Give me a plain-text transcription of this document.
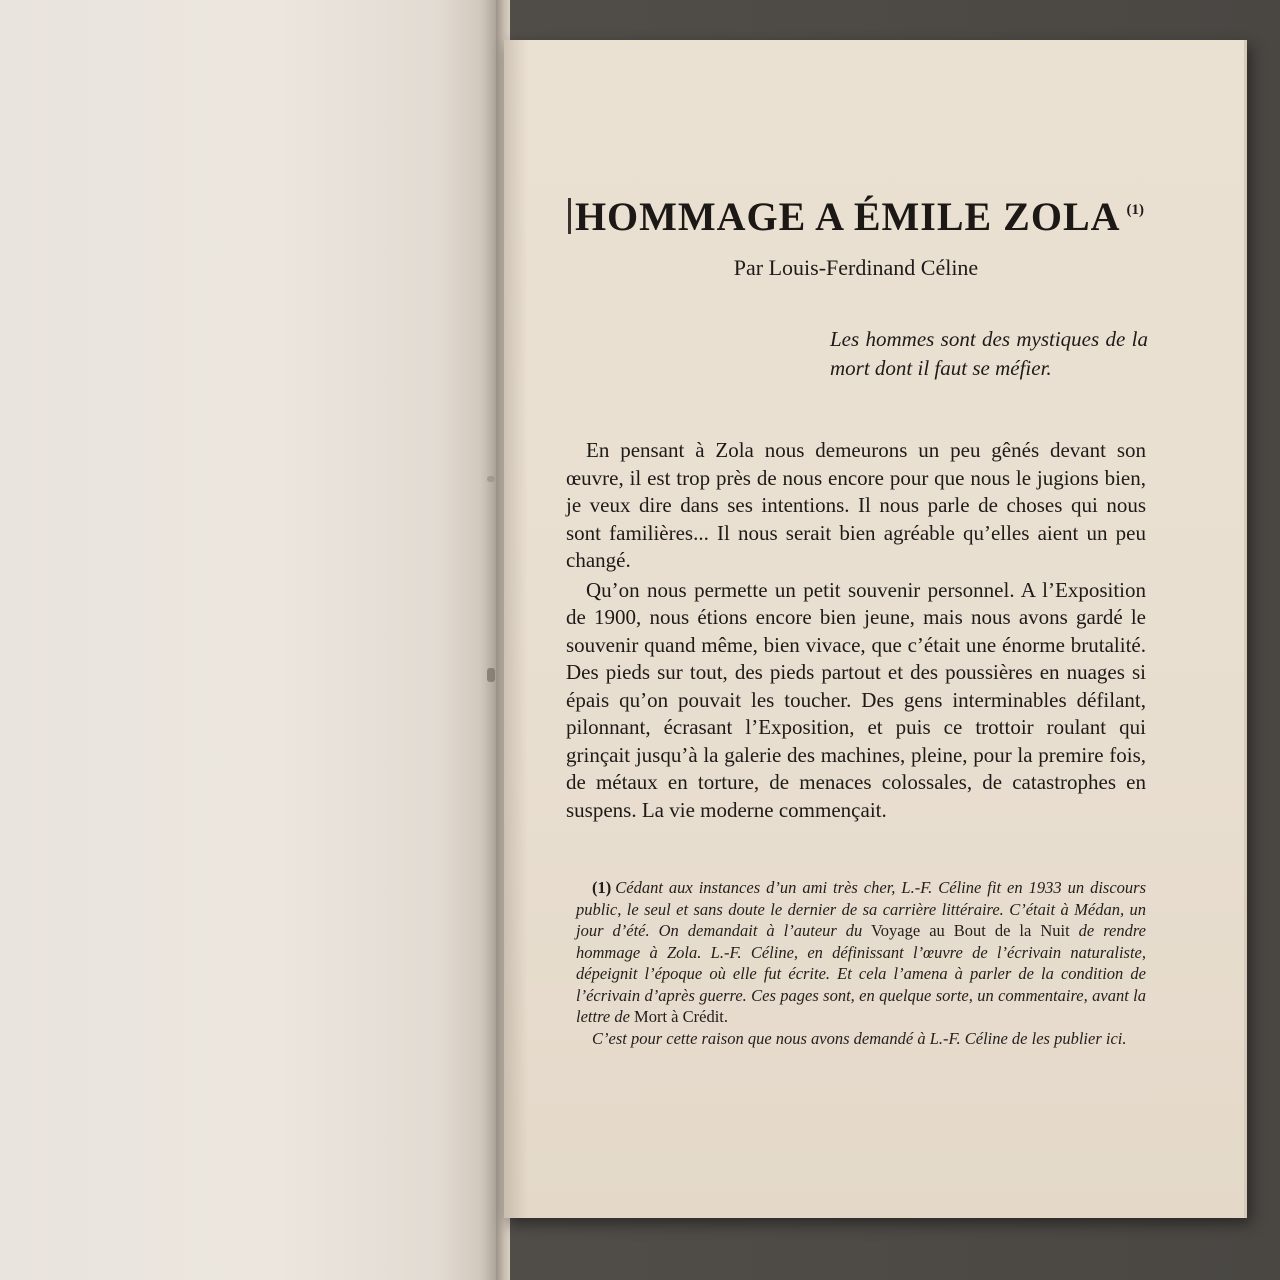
HOMMAGE A ÉMILE ZOLA (1)
Par Louis-Ferdinand Céline
Les hommes sont des mystiques de la mort dont il faut se méfier.

En pensant à Zola nous demeurons un peu gênés devant son œuvre, il est trop près de nous encore pour que nous le jugions bien, je veux dire dans ses intentions. Il nous parle de choses qui nous sont familières... Il nous serait bien agréable qu’elles aient un peu changé.

Qu’on nous permette un petit souvenir personnel. A l’Exposition de 1900, nous étions encore bien jeune, mais nous avons gardé le souvenir quand même, bien vivace, que c’était une énorme brutalité. Des pieds sur tout, des pieds partout et des poussières en nuages si épais qu’on pouvait les toucher. Des gens interminables défilant, pilonnant, écrasant l’Exposition, et puis ce trottoir roulant qui grinçait jusqu’à la galerie des machines, pleine, pour la premire fois, de métaux en torture, de menaces colossales, de catastrophes en suspens. La vie moderne commençait.

(1) Cédant aux instances d’un ami très cher, L.-F. Céline fit en 1933 un discours public, le seul et sans doute le dernier de sa carrière littéraire. C’était à Médan, un jour d’été. On demandait à l’auteur du Voyage au Bout de la Nuit de rendre hommage à Zola. L.-F. Céline, en définissant l’œuvre de l’écrivain naturaliste, dépeignit l’époque où elle fut écrite. Et cela l’amena à parler de la condition de l’écrivain d’après guerre. Ces pages sont, en quelque sorte, un commentaire, avant la lettre de Mort à Crédit.

C’est pour cette raison que nous avons demandé à L.-F. Céline de les publier ici.
